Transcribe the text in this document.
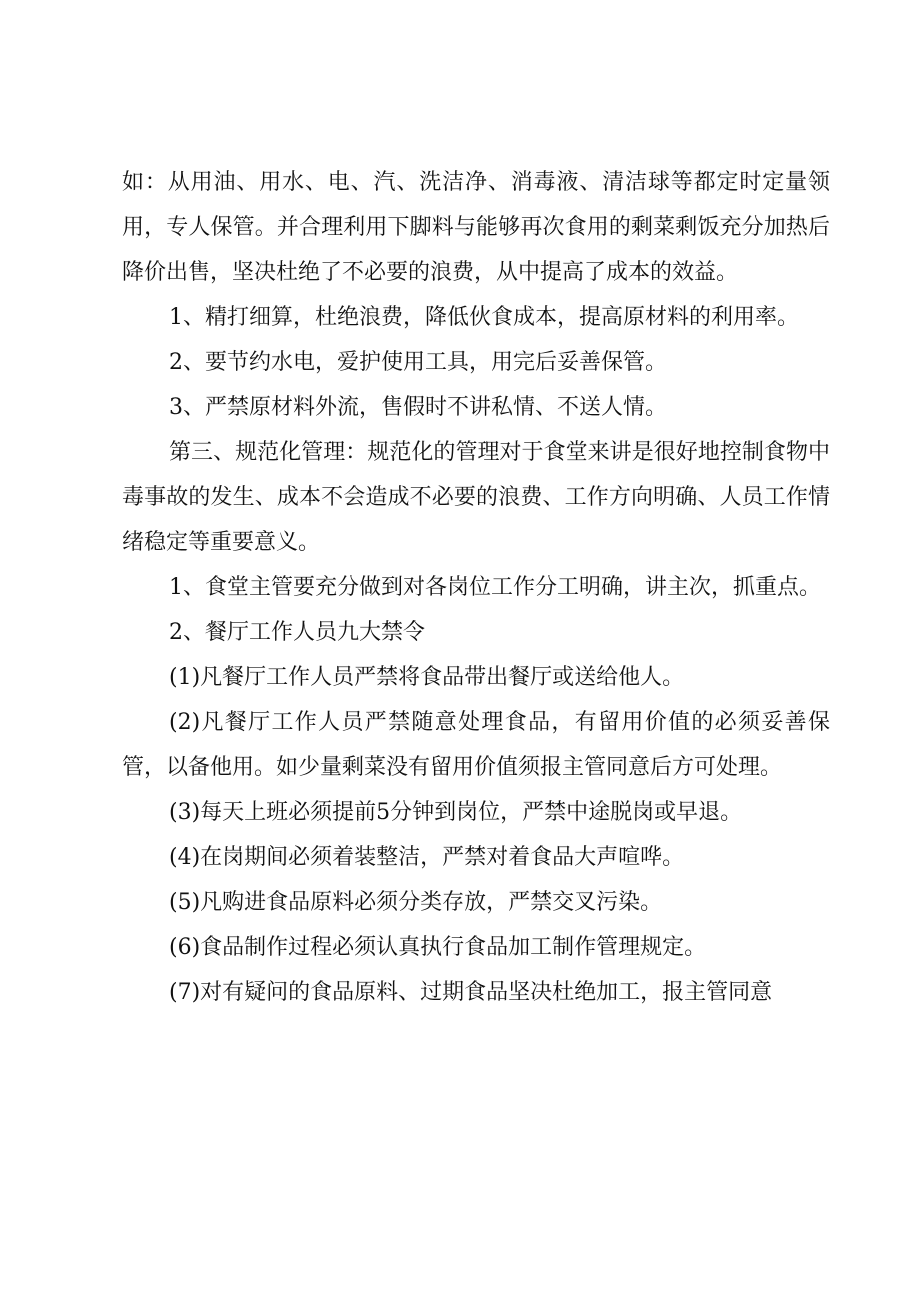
如：从用油、用水、电、汽、洗洁净、消毒液、清洁球等都定时定量领用，专人保管。并合理利用下脚料与能够再次食用的剩菜剩饭充分加热后降价出售，坚决杜绝了不必要的浪费，从中提高了成本的效益。

1、精打细算，杜绝浪费，降低伙食成本，提高原材料的利用率。

2、要节约水电，爱护使用工具，用完后妥善保管。

3、严禁原材料外流，售假时不讲私情、不送人情。

第三、规范化管理：规范化的管理对于食堂来讲是很好地控制食物中毒事故的发生、成本不会造成不必要的浪费、工作方向明确、人员工作情绪稳定等重要意义。

1、食堂主管要充分做到对各岗位工作分工明确，讲主次，抓重点。

2、餐厅工作人员九大禁令

(1)凡餐厅工作人员严禁将食品带出餐厅或送给他人。

(2)凡餐厅工作人员严禁随意处理食品，有留用价值的必须妥善保管，以备他用。如少量剩菜没有留用价值须报主管同意后方可处理。

(3)每天上班必须提前5分钟到岗位，严禁中途脱岗或早退。

(4)在岗期间必须着装整洁，严禁对着食品大声喧哗。

(5)凡购进食品原料必须分类存放，严禁交叉污染。

(6)食品制作过程必须认真执行食品加工制作管理规定。

(7)对有疑问的食品原料、过期食品坚决杜绝加工，报主管同意
